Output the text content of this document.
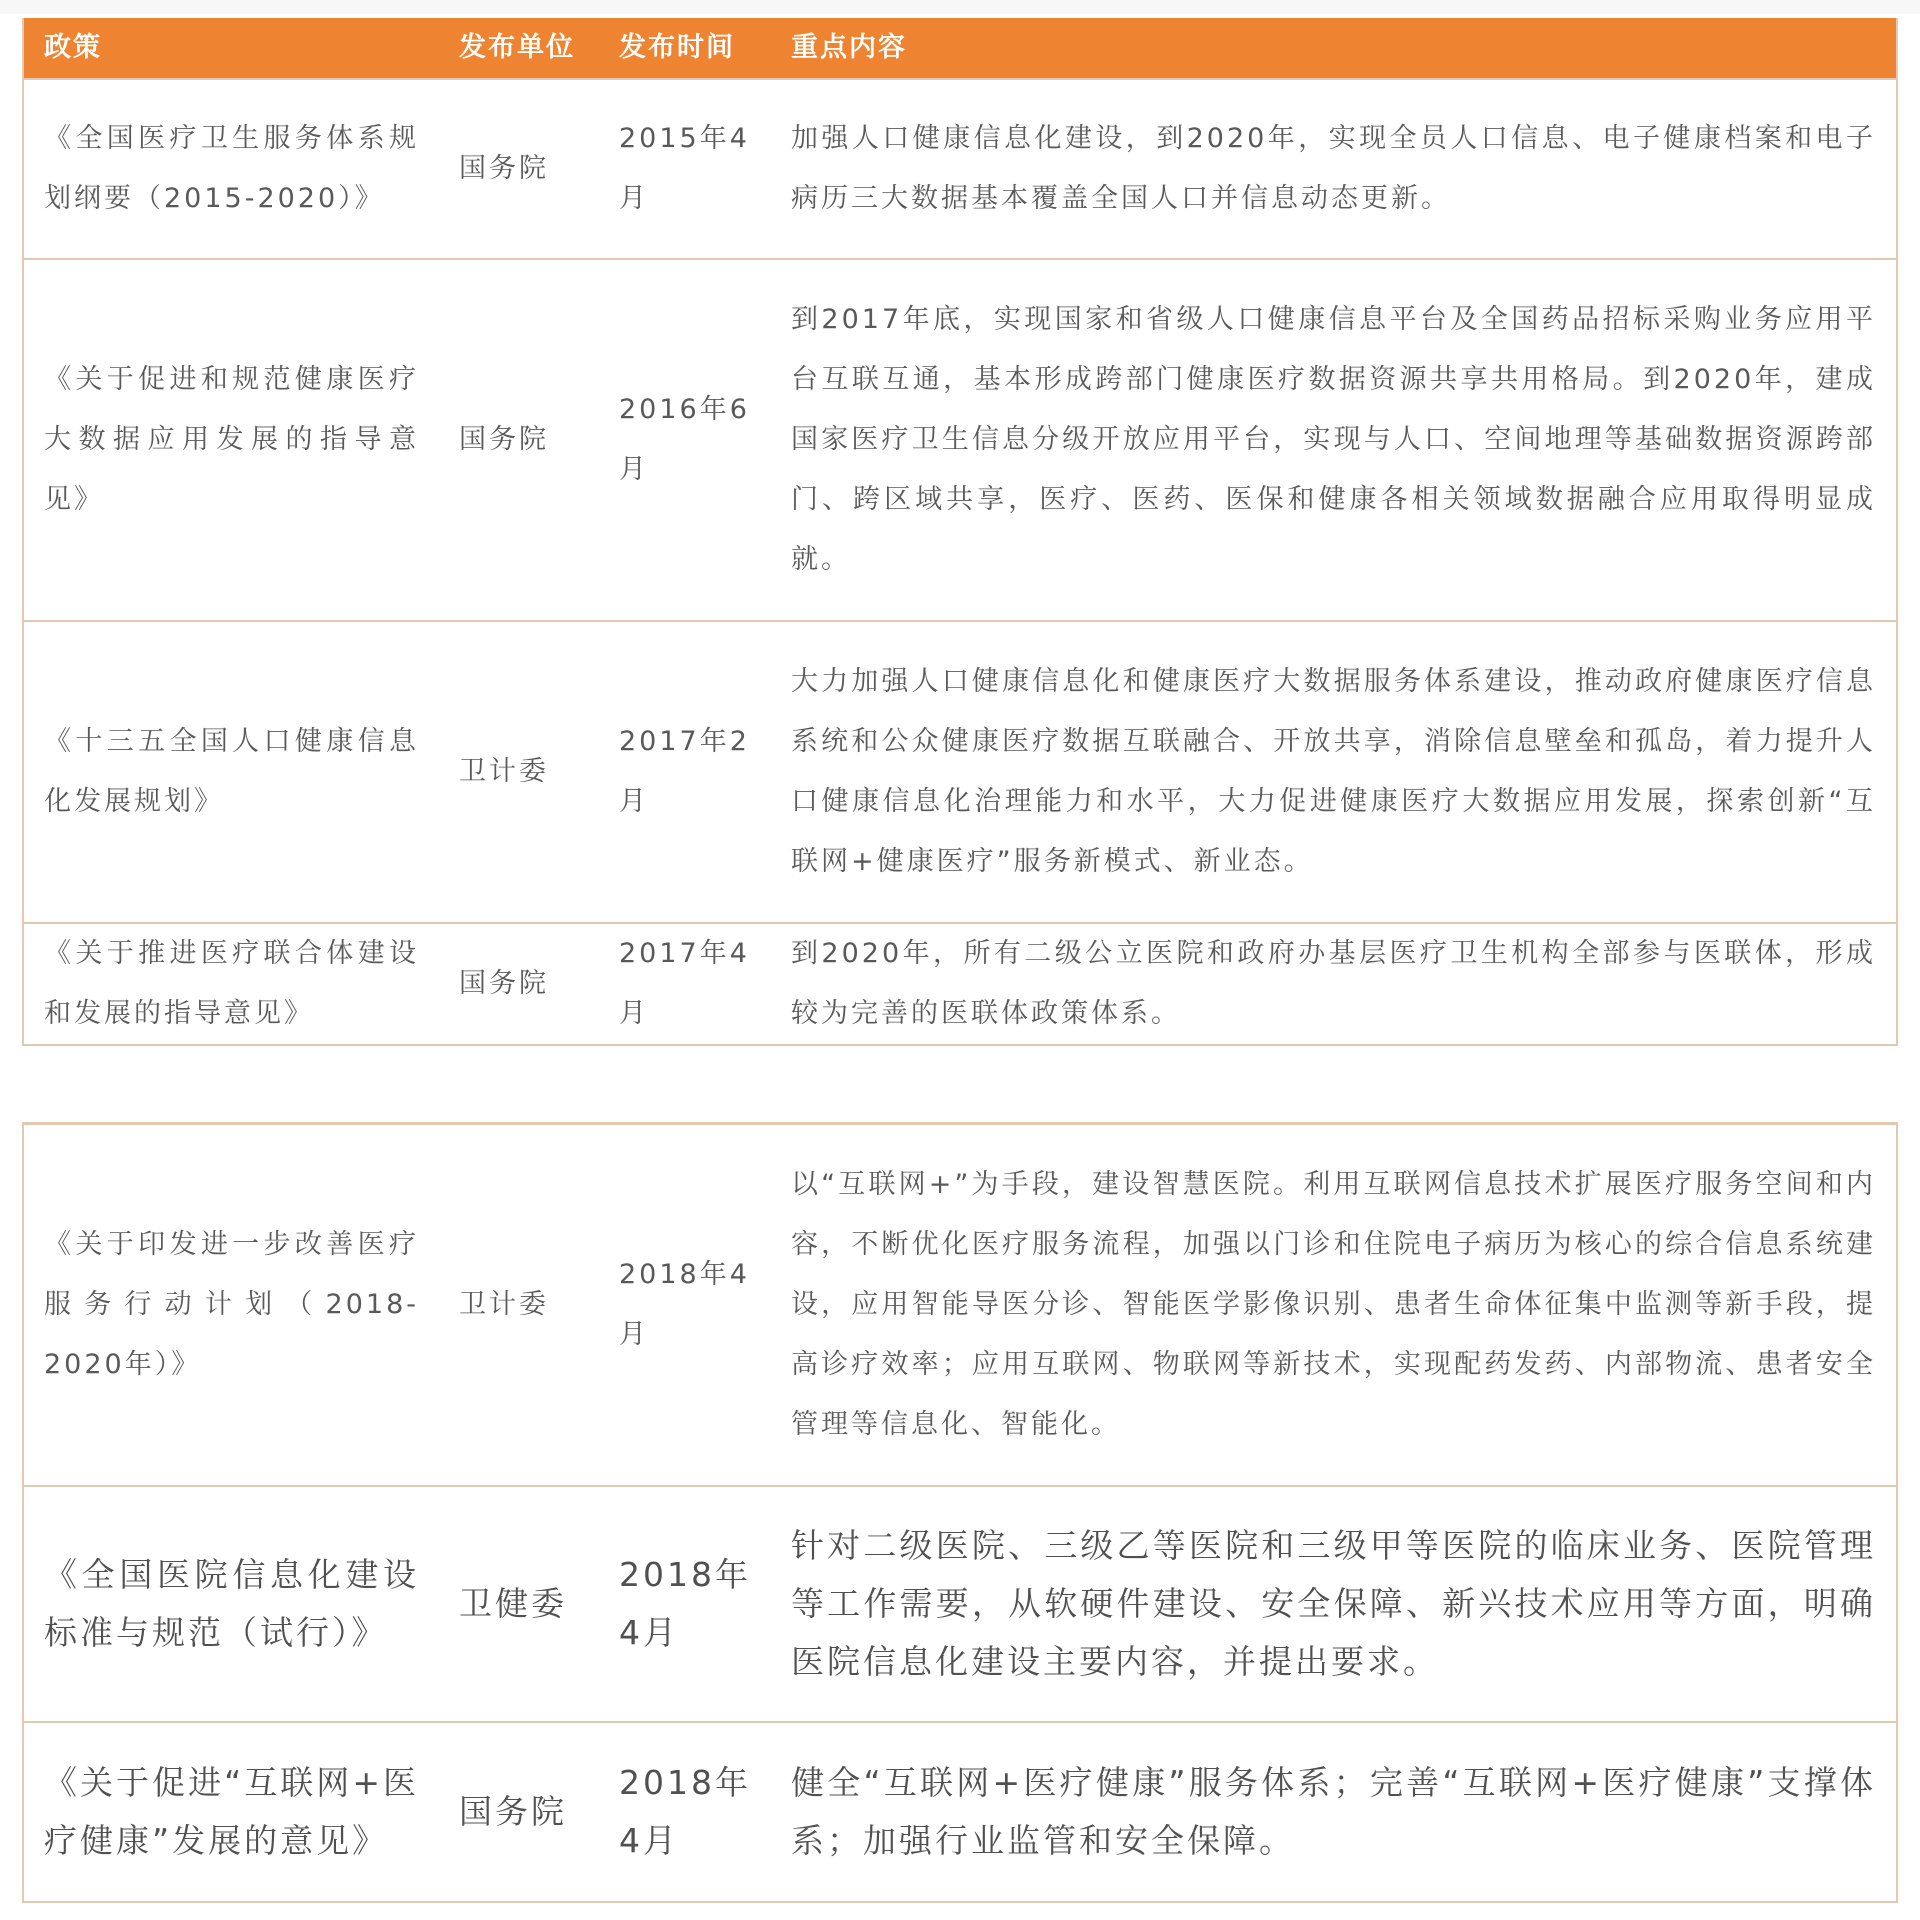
政策	发布单位	发布时间	重点内容
《全国医疗卫生服务体系规划纲要（2015-2020）》	国务院	2015年4月	加强人口健康信息化建设，到2020年，实现全员人口信息、电子健康档案和电子病历三大数据基本覆盖全国人口并信息动态更新。
《关于促进和规范健康医疗大数据应用发展的指导意见》	国务院	2016年6月	到2017年底，实现国家和省级人口健康信息平台及全国药品招标采购业务应用平台互联互通，基本形成跨部门健康医疗数据资源共享共用格局。到2020年，建成国家医疗卫生信息分级开放应用平台，实现与人口、空间地理等基础数据资源跨部门、跨区域共享，医疗、医药、医保和健康各相关领域数据融合应用取得明显成就。
《十三五全国人口健康信息化发展规划》	卫计委	2017年2月	大力加强人口健康信息化和健康医疗大数据服务体系建设，推动政府健康医疗信息系统和公众健康医疗数据互联融合、开放共享，消除信息壁垒和孤岛，着力提升人口健康信息化治理能力和水平，大力促进健康医疗大数据应用发展，探索创新“互联网+健康医疗”服务新模式、新业态。
《关于推进医疗联合体建设和发展的指导意见》	国务院	2017年4月	到2020年，所有二级公立医院和政府办基层医疗卫生机构全部参与医联体，形成较为完善的医联体政策体系。
《关于印发进一步改善医疗服务行动计划（2018-2020年）》	卫计委	2018年4月	以“互联网+”为手段，建设智慧医院。利用互联网信息技术扩展医疗服务空间和内容，不断优化医疗服务流程，加强以门诊和住院电子病历为核心的综合信息系统建设，应用智能导医分诊、智能医学影像识别、患者生命体征集中监测等新手段，提高诊疗效率；应用互联网、物联网等新技术，实现配药发药、内部物流、患者安全管理等信息化、智能化。
《全国医院信息化建设标准与规范（试行）》	卫健委	2018年4月	针对二级医院、三级乙等医院和三级甲等医院的临床业务、医院管理等工作需要，从软硬件建设、安全保障、新兴技术应用等方面，明确医院信息化建设主要内容，并提出要求。
《关于促进“互联网+医疗健康”发展的意见》	国务院	2018年4月	健全“互联网+医疗健康”服务体系；完善“互联网+医疗健康”支撑体系；加强行业监管和安全保障。
